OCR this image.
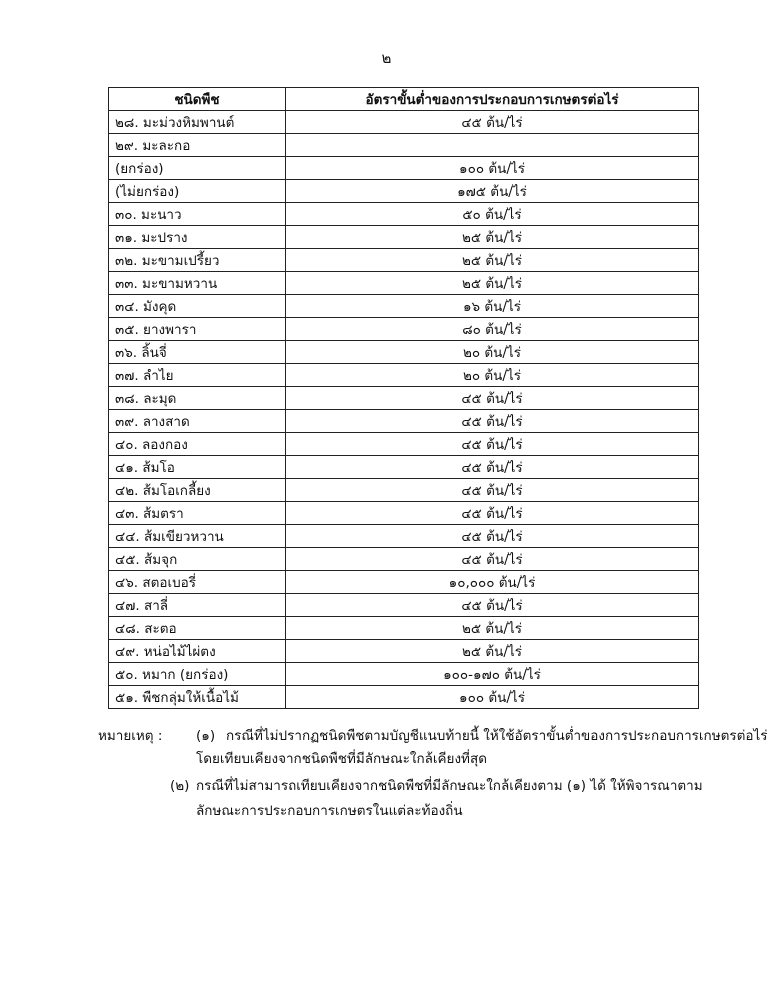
๒
ชนิดพืช	อัตราขั้นต่ำของการประกอบการเกษตรต่อไร่
๒๘. มะม่วงหิมพานต์	๔๕ ต้น/ไร่
๒๙. มะละกอ	
(ยกร่อง)	๑๐๐ ต้น/ไร่
(ไม่ยกร่อง)	๑๗๕ ต้น/ไร่
๓๐. มะนาว	๕๐ ต้น/ไร่
๓๑. มะปราง	๒๕ ต้น/ไร่
๓๒. มะขามเปรี้ยว	๒๕ ต้น/ไร่
๓๓. มะขามหวาน	๒๕ ต้น/ไร่
๓๔. มังคุด	๑๖ ต้น/ไร่
๓๕. ยางพารา	๘๐ ต้น/ไร่
๓๖. ลิ้นจี่	๒๐ ต้น/ไร่
๓๗. ลำไย	๒๐ ต้น/ไร่
๓๘. ละมุด	๔๕ ต้น/ไร่
๓๙. ลางสาด	๔๕ ต้น/ไร่
๔๐. ลองกอง	๔๕ ต้น/ไร่
๔๑. ส้มโอ	๔๕ ต้น/ไร่
๔๒. ส้มโอเกลี้ยง	๔๕ ต้น/ไร่
๔๓. ส้มตรา	๔๕ ต้น/ไร่
๔๔. ส้มเขียวหวาน	๔๕ ต้น/ไร่
๔๕. ส้มจุก	๔๕ ต้น/ไร่
๔๖. สตอเบอรี่	๑๐,๐๐๐ ต้น/ไร่
๔๗. สาลี่	๔๕ ต้น/ไร่
๔๘. สะตอ	๒๕ ต้น/ไร่
๔๙. หน่อไม้ไผ่ตง	๒๕ ต้น/ไร่
๕๐. หมาก (ยกร่อง)	๑๐๐-๑๗๐ ต้น/ไร่
๕๑. พืชกลุ่มให้เนื้อไม้	๑๐๐ ต้น/ไร่
หมายเหตุ : (๑) กรณีที่ไม่ปรากฏชนิดพืชตามบัญชีแนบท้ายนี้ ให้ใช้อัตราขั้นต่ำของการประกอบการเกษตรต่อไร่
โดยเทียบเคียงจากชนิดพืชที่มีลักษณะใกล้เคียงที่สุด
(๒) กรณีที่ไม่สามารถเทียบเคียงจากชนิดพืชที่มีลักษณะใกล้เคียงตาม (๑) ได้ ให้พิจารณาตาม
ลักษณะการประกอบการเกษตรในแต่ละท้องถิ่น
